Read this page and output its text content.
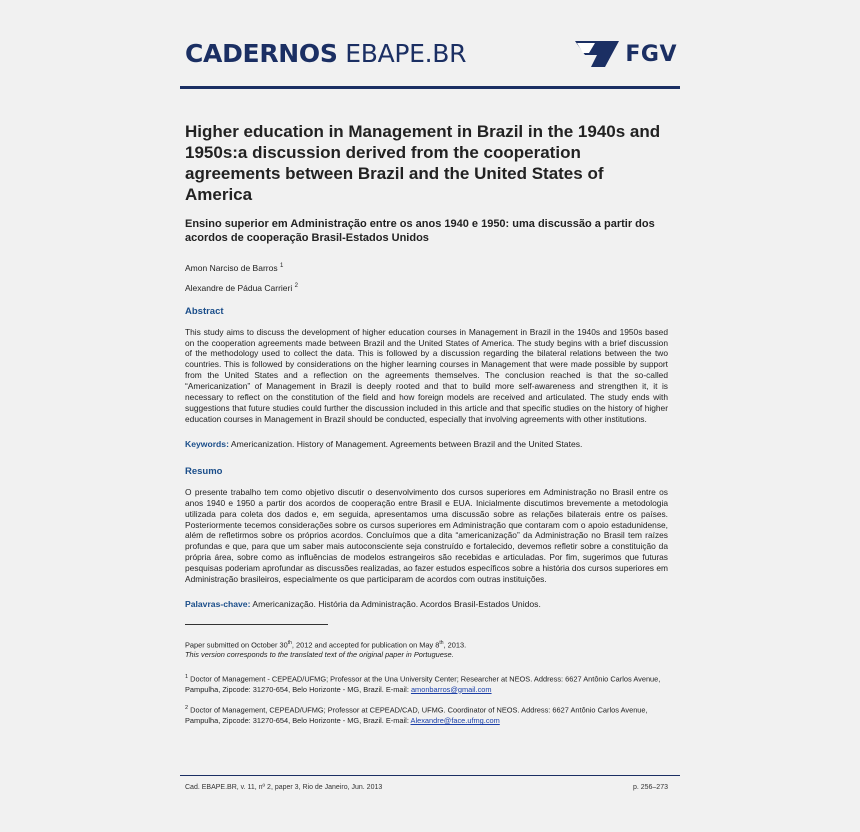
CADERNOS EBAPE.BR	FGV
Higher education in Management in Brazil in the 1940s and 1950s:a discussion derived from the cooperation agreements between Brazil and the United States of America
Ensino superior em Administração entre os anos 1940 e 1950: uma discussão a partir dos acordos de cooperação Brasil-Estados Unidos
Amon Narciso de Barros $^1$
Alexandre de Pádua Carrieri $^2$
Abstract

This study aims to discuss the development of higher education courses in Management in Brazil in the 1940s and 1950s based on the cooperation agreements made between Brazil and the United States of America. The study begins with a brief discussion of the methodology used to collect the data. This is followed by a discussion regarding the bilateral relations between the two countries. This is followed by considerations on the higher learning courses in Management that were made possible by support from the United States and a reflection on the agreements themselves. The conclusion reached is that the so-called “Americanization” of Management in Brazil is deeply rooted and that to build more self-awareness and strengthen it, it is necessary to reflect on the constitution of the field and how foreign models are received and articulated. The study ends with suggestions that future studies could further the discussion included in this article and that specific studies on the history of higher education courses in Management in Brazil should be conducted, especially that involving agreements with other institutions.

Keywords: Americanization. History of Management. Agreements between Brazil and the United States.

Resumo

O presente trabalho tem como objetivo discutir o desenvolvimento dos cursos superiores em Administração no Brasil entre os anos 1940 e 1950 a partir dos acordos de cooperação entre Brasil e EUA. Inicialmente discutimos brevemente a metodologia utilizada para coleta dos dados e, em seguida, apresentamos uma discussão sobre as relações bilaterais entre os países. Posteriormente tecemos considerações sobre os cursos superiores em Administração que contaram com o apoio estadunidense, além de refletirmos sobre os próprios acordos. Concluímos que a dita “americanização” da Administração no Brasil tem raízes profundas e que, para que um saber mais autoconsciente seja construído e fortalecido, devemos refletir sobre a constituição da própria área, sobre como as influências de modelos estrangeiros são recebidas e articuladas. Por fim, sugerimos que futuras pesquisas poderiam aprofundar as discussões realizadas, ao fazer estudos específicos sobre a história dos cursos superiores em Administração brasileiros, especialmente os que participaram de acordos com outras instituições.

Palavras-chave: Americanização. História da Administração. Acordos Brasil-Estados Unidos.

Paper submitted on October 30th, 2012 and accepted for publication on May 8th, 2013.

This version corresponds to the translated text of the original paper in Portuguese.

$^1$ Doctor of Management - CEPEAD/UFMG; Professor at the Una University Center; Researcher at NEOS. Address: 6627 Antônio Carlos Avenue, Pampulha, Zipcode: 31270-654, Belo Horizonte - MG, Brazil. E-mail: amonbarros@gmail.com

$^2$ Doctor of Management, CEPEAD/UFMG; Professor at CEPEAD/CAD, UFMG. Coordinator of NEOS. Address: 6627 Antônio Carlos Avenue, Pampulha, Zipcode: 31270-654, Belo Horizonte - MG, Brazil. E-mail: Alexandre@face.ufmg.com

Cad. EBAPE.BR, v. 11, nº 2, paper 3, Rio de Janeiro, Jun. 2013	p. 256–273
